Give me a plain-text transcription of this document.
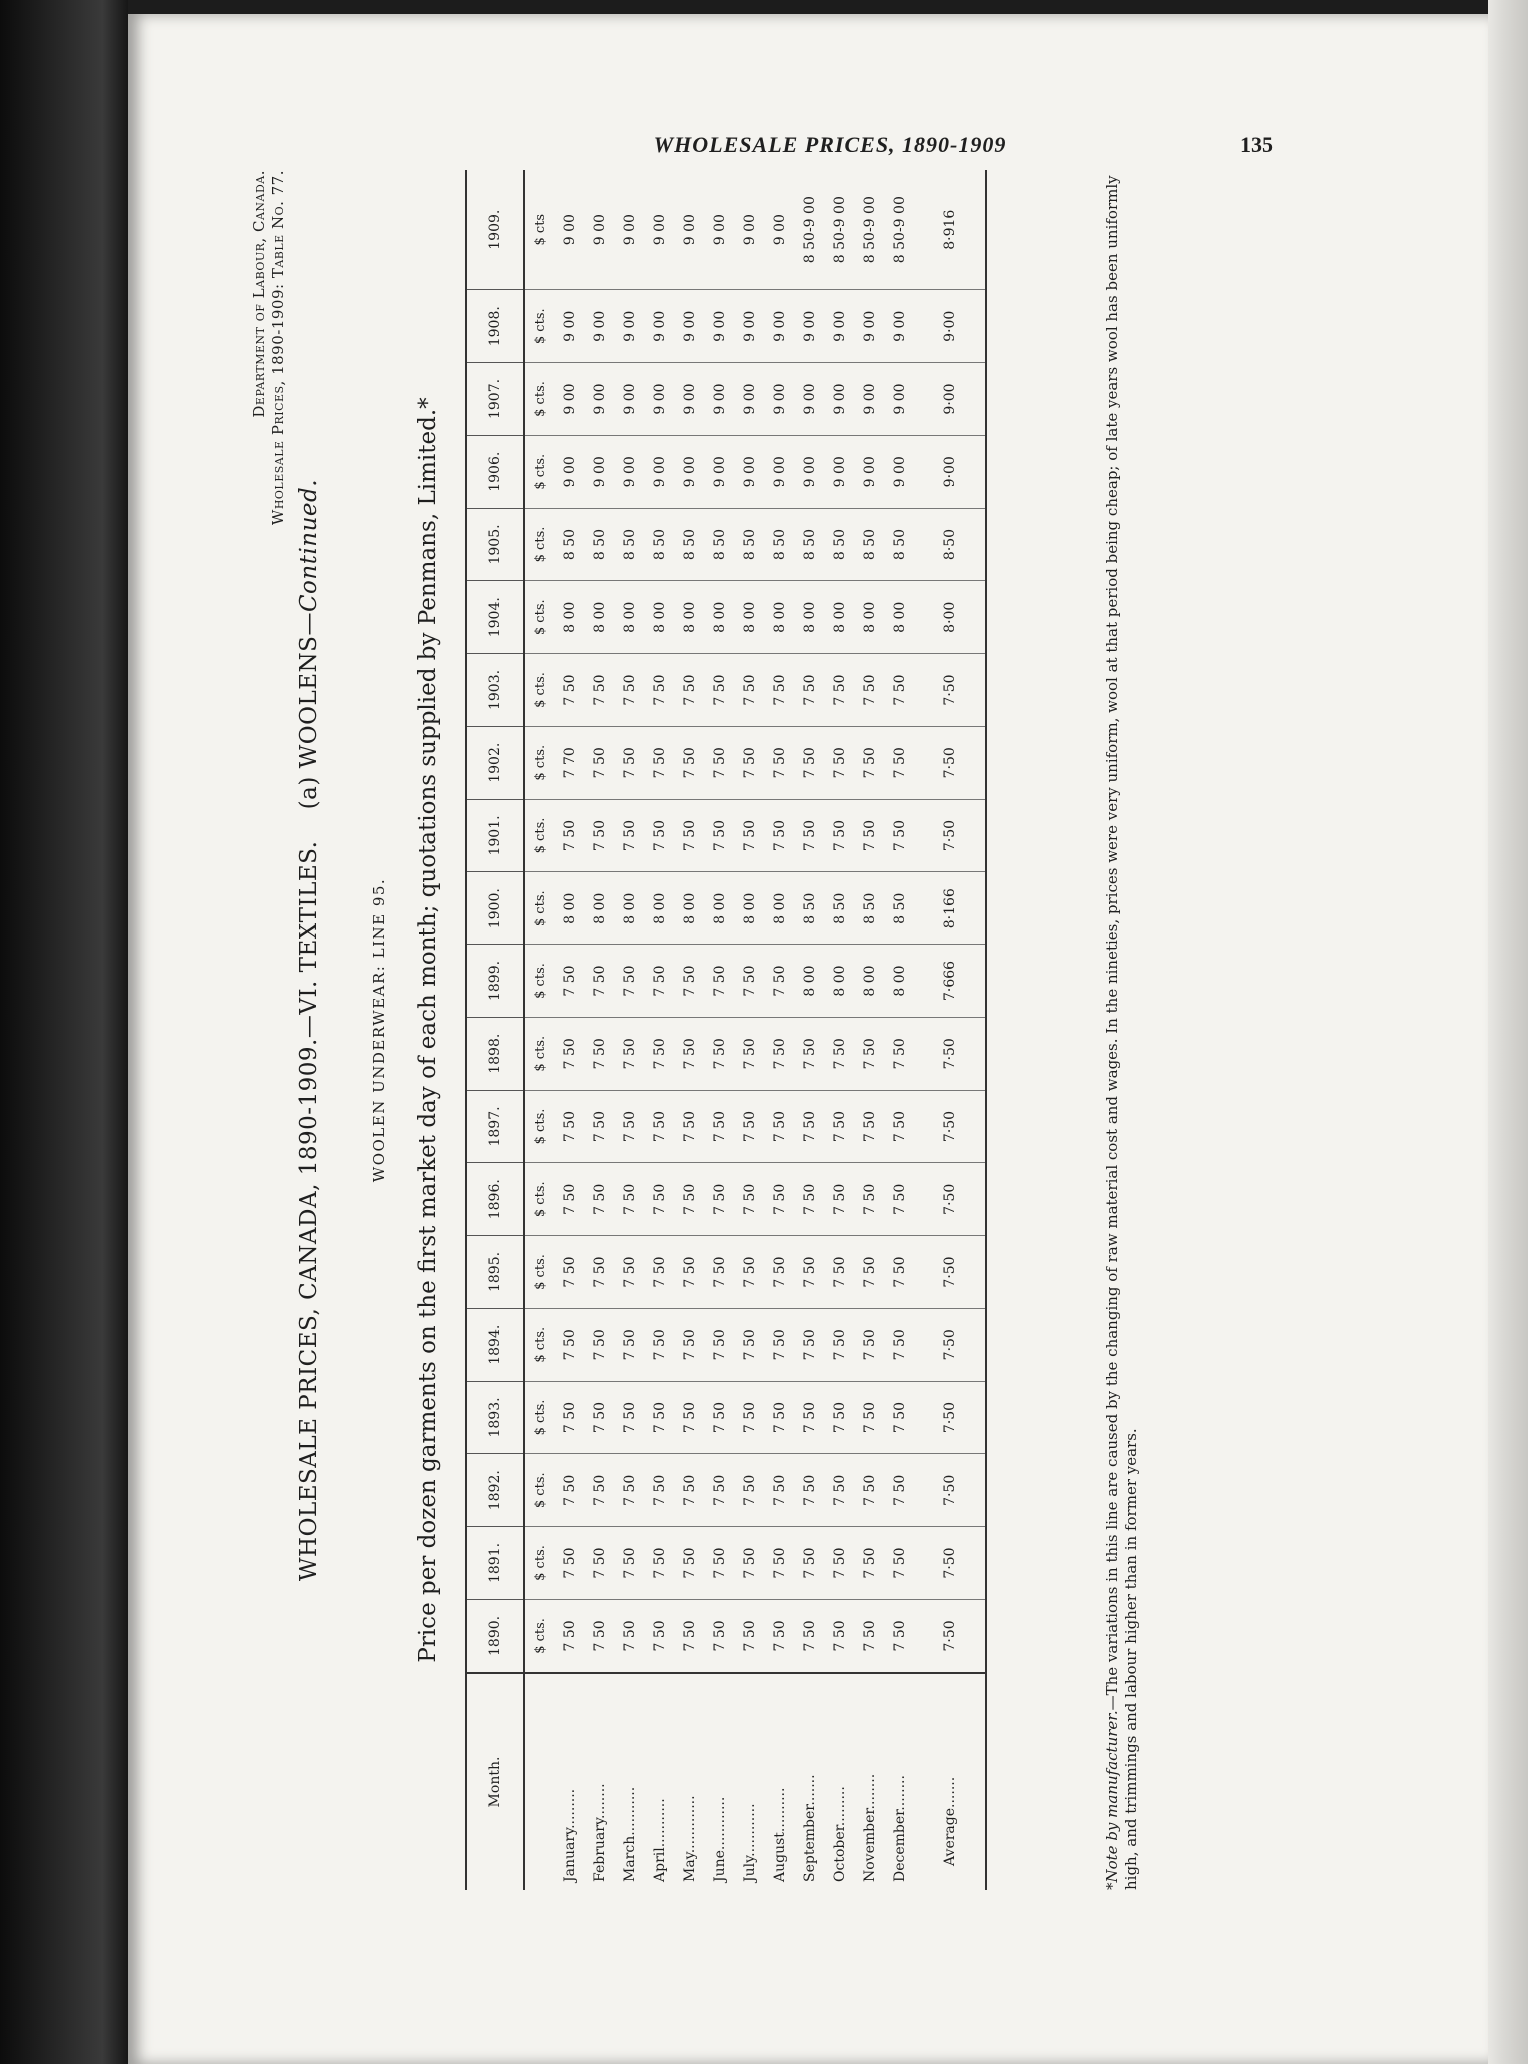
WHOLESALE PRICES, 1890-1909	135
Department of Labour, Canada. Wholesale Prices, 1890-1909: Table No. 77.
WHOLESALE PRICES, CANADA, 1890-1909.—VI. TEXTILES.    (a) WOOLENS—Continued.
WOOLEN UNDERWEAR: LINE 95. Price per dozen garments on the first market day of each month; quotations supplied by Penmans, Limited.*
Month.	1890.	1891.	1892.	1893.	1894.	1895.	1896.	1897.	1898.	1899.	1900.	1901.	1902.	1903.	1904.	1905.	1906.	1907.	1908.	1909.
	$ cts.	$ cts.	$ cts.	$ cts.	$ cts.	$ cts.	$ cts.	$ cts.	$ cts.	$ cts.	$ cts.	$ cts.	$ cts.	$ cts.	$ cts.	$ cts.	$ cts.	$ cts.	$ cts.	$ cts
January.........	7 50	7 50	7 50	7 50	7 50	7 50	7 50	7 50	7 50	7 50	8 00	7 50	7 70	7 50	8 00	8 50	9 00	9 00	9 00	9 00
February........	7 50	7 50	7 50	7 50	7 50	7 50	7 50	7 50	7 50	7 50	8 00	7 50	7 50	7 50	8 00	8 50	9 00	9 00	9 00	9 00
March...........	7 50	7 50	7 50	7 50	7 50	7 50	7 50	7 50	7 50	7 50	8 00	7 50	7 50	7 50	8 00	8 50	9 00	9 00	9 00	9 00
April...........	7 50	7 50	7 50	7 50	7 50	7 50	7 50	7 50	7 50	7 50	8 00	7 50	7 50	7 50	8 00	8 50	9 00	9 00	9 00	9 00
May.............	7 50	7 50	7 50	7 50	7 50	7 50	7 50	7 50	7 50	7 50	8 00	7 50	7 50	7 50	8 00	8 50	9 00	9 00	9 00	9 00
June............	7 50	7 50	7 50	7 50	7 50	7 50	7 50	7 50	7 50	7 50	8 00	7 50	7 50	7 50	8 00	8 50	9 00	9 00	9 00	9 00
July............	7 50	7 50	7 50	7 50	7 50	7 50	7 50	7 50	7 50	7 50	8 00	7 50	7 50	7 50	8 00	8 50	9 00	9 00	9 00	9 00
August..........	7 50	7 50	7 50	7 50	7 50	7 50	7 50	7 50	7 50	7 50	8 00	7 50	7 50	7 50	8 00	8 50	9 00	9 00	9 00	9 00
September.......	7 50	7 50	7 50	7 50	7 50	7 50	7 50	7 50	7 50	8 00	8 50	7 50	7 50	7 50	8 00	8 50	9 00	9 00	9 00	8 50-9 00
October.........	7 50	7 50	7 50	7 50	7 50	7 50	7 50	7 50	7 50	8 00	8 50	7 50	7 50	7 50	8 00	8 50	9 00	9 00	9 00	8 50-9 00
November........	7 50	7 50	7 50	7 50	7 50	7 50	7 50	7 50	7 50	8 00	8 50	7 50	7 50	7 50	8 00	8 50	9 00	9 00	9 00	8 50-9 00
December........	7 50	7 50	7 50	7 50	7 50	7 50	7 50	7 50	7 50	8 00	8 50	7 50	7 50	7 50	8 00	8 50	9 00	9 00	9 00	8 50-9 00
Average.......	7·50	7·50	7·50	7·50	7·50	7·50	7·50	7·50	7·50	7·666	8·166	7·50	7·50	7·50	8·00	8·50	9·00	9·00	9·00	8·916
*Note by manufacturer.—The variations in this line are caused by the changing of raw material cost and wages. In the nineties, prices were very uniform, wool at that period being cheap; of late years wool has been uniformly high, and trimmings and labour higher than in former years.
